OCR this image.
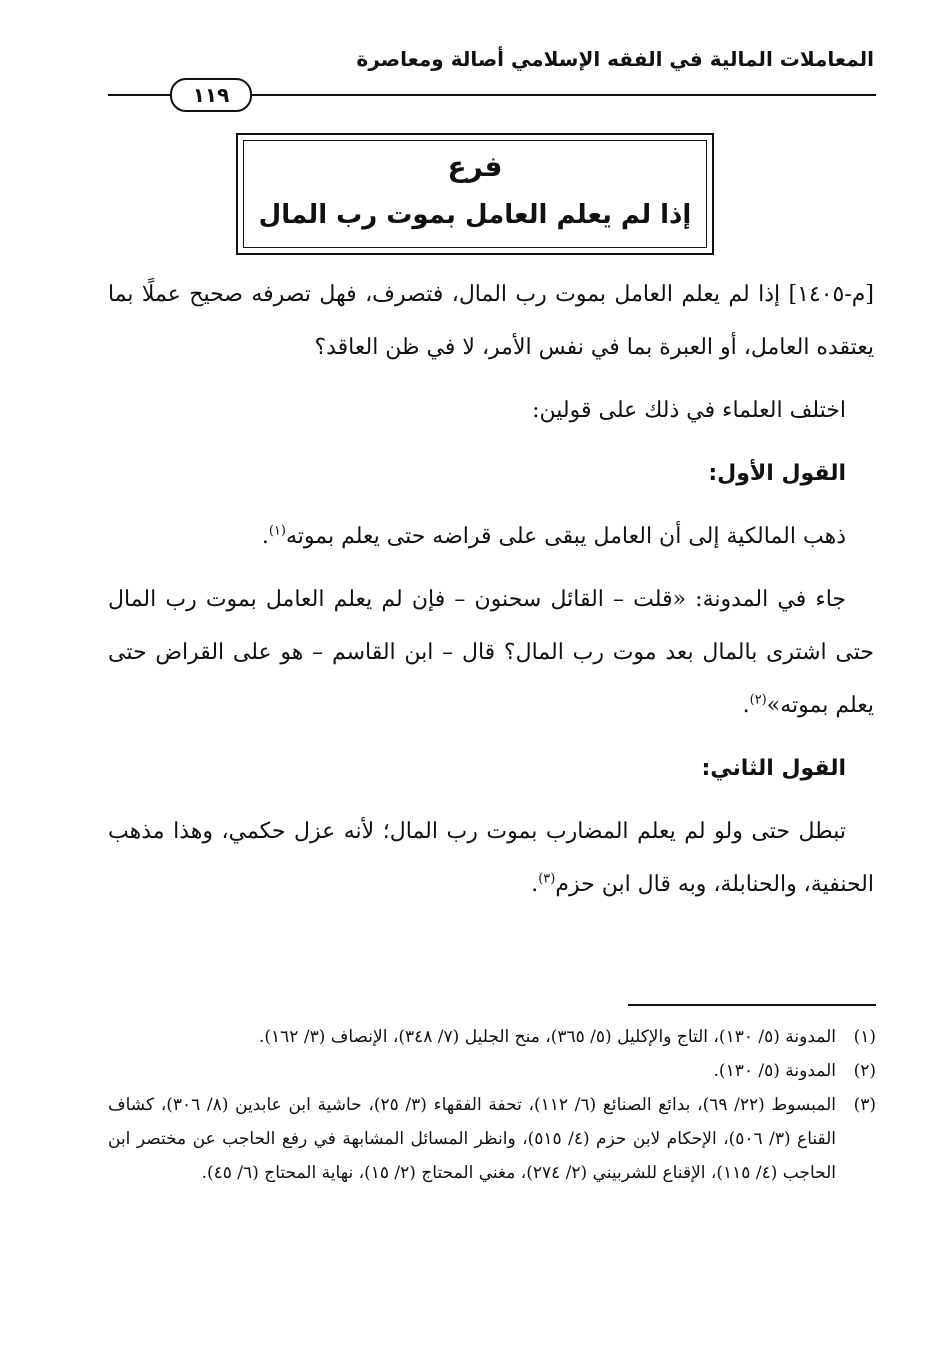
المعاملات المالية في الفقه الإسلامي أصالة ومعاصرة
١١٩
فرع
إذا لم يعلم العامل بموت رب المال

[م-١٤٠٥] إذا لم يعلم العامل بموت رب المال، فتصرف، فهل تصرفه صحيح عملًا بما يعتقده العامل، أو العبرة بما في نفس الأمر، لا في ظن العاقد؟

اختلف العلماء في ذلك على قولين:

القول الأول:

ذهب المالكية إلى أن العامل يبقى على قراضه حتى يعلم بموته$^{(١)}$.

جاء في المدونة: «قلت – القائل سحنون – فإن لم يعلم العامل بموت رب المال حتى اشترى بالمال بعد موت رب المال؟ قال – ابن القاسم – هو على القراض حتى يعلم بموته»$^{(٢)}$.

القول الثاني:

تبطل حتى ولو لم يعلم المضارب بموت رب المال؛ لأنه عزل حكمي، وهذا مذهب الحنفية، والحنابلة، وبه قال ابن حزم$^{(٣)}$.

(١)
المدونة (٥/ ١٣٠)، التاج والإكليل (٥/ ٣٦٥)، منح الجليل (٧/ ٣٤٨)، الإنصاف (٣/ ١٦٢).
(٢)
المدونة (٥/ ١٣٠).
(٣)
المبسوط (٢٢/ ٦٩)، بدائع الصنائع (٦/ ١١٢)، تحفة الفقهاء (٣/ ٢٥)، حاشية ابن عابدين (٨/ ٣٠٦)، كشاف القناع (٣/ ٥٠٦)، الإحكام لابن حزم (٤/ ٥١٥)، وانظر المسائل المشابهة في رفع الحاجب عن مختصر ابن الحاجب (٤/ ١١٥)، الإقناع للشربيني (٢/ ٢٧٤)، مغني المحتاج (٢/ ١٥)، نهاية المحتاج (٦/ ٤٥).
